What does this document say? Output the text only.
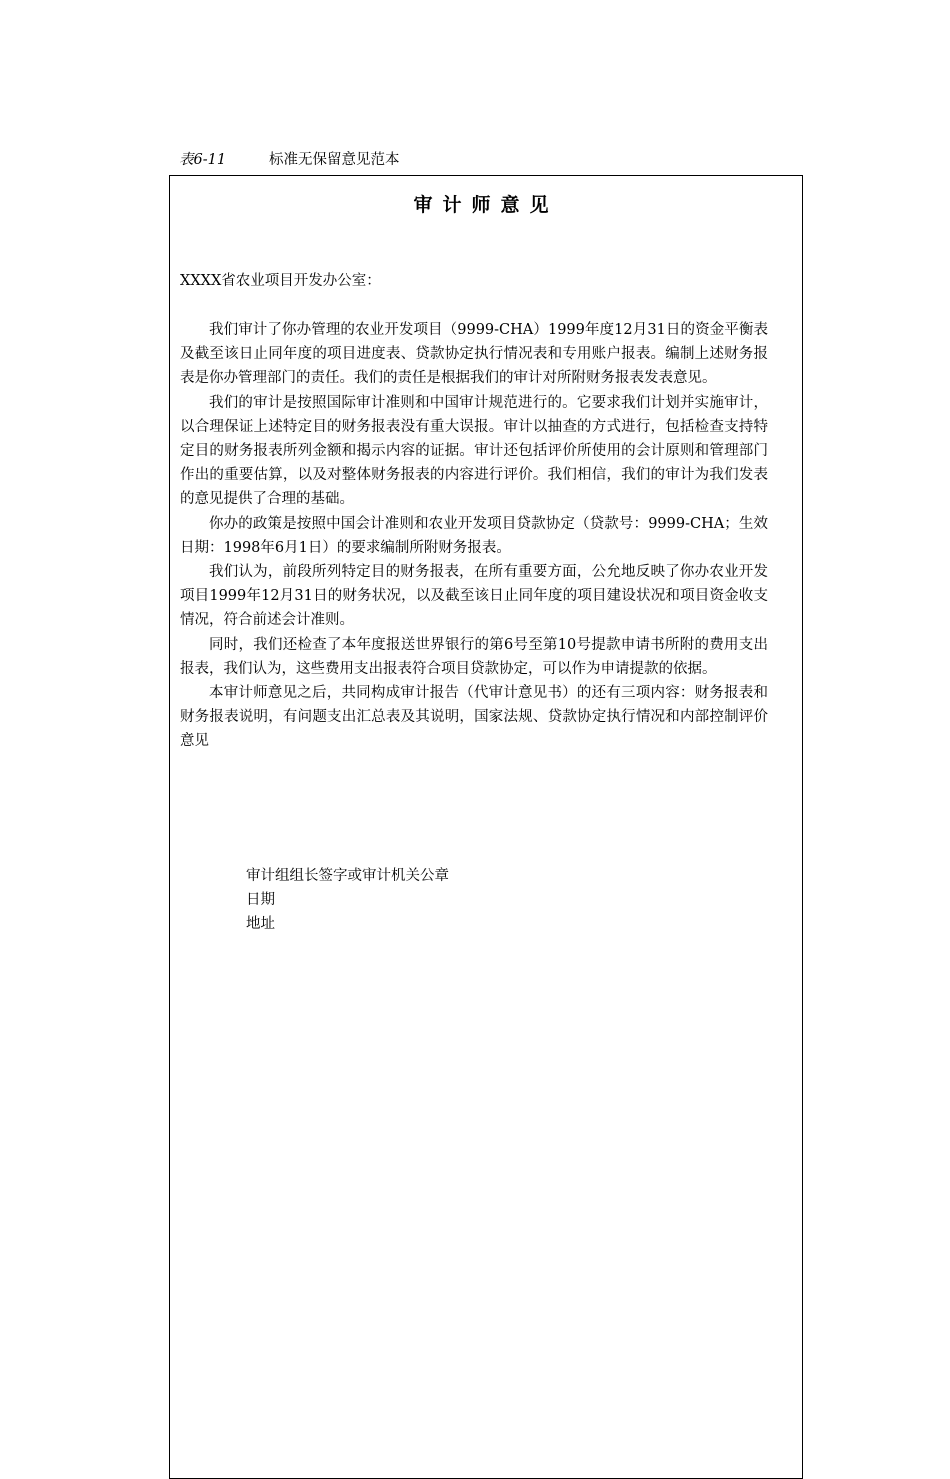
表6-11	标准无保留意见范本
审计师意见
XXXX省农业项目开发办公室：

我们审计了你办管理的农业开发项目（9999-CHA）1999年度12月31日的资金平衡表及截至该日止同年度的项目进度表、贷款协定执行情况表和专用账户报表。编制上述财务报表是你办管理部门的责任。我们的责任是根据我们的审计对所附财务报表发表意见。

我们的审计是按照国际审计准则和中国审计规范进行的。它要求我们计划并实施审计，以合理保证上述特定目的财务报表没有重大误报。审计以抽查的方式进行，包括检查支持特定目的财务报表所列金额和揭示内容的证据。审计还包括评价所使用的会计原则和管理部门作出的重要估算，以及对整体财务报表的内容进行评价。我们相信，我们的审计为我们发表的意见提供了合理的基础。

你办的政策是按照中国会计准则和农业开发项目贷款协定（贷款号：9999-CHA；生效日期：1998年6月1日）的要求编制所附财务报表。

我们认为，前段所列特定目的财务报表，在所有重要方面，公允地反映了你办农业开发项目1999年12月31日的财务状况，以及截至该日止同年度的项目建设状况和项目资金收支情况，符合前述会计准则。

同时，我们还检查了本年度报送世界银行的第6号至第10号提款申请书所附的费用支出报表，我们认为，这些费用支出报表符合项目贷款协定，可以作为申请提款的依据。

本审计师意见之后，共同构成审计报告（代审计意见书）的还有三项内容：财务报表和财务报表说明，有问题支出汇总表及其说明，国家法规、贷款协定执行情况和内部控制评价意见

审计组组长签字或审计机关公章
日期
地址
